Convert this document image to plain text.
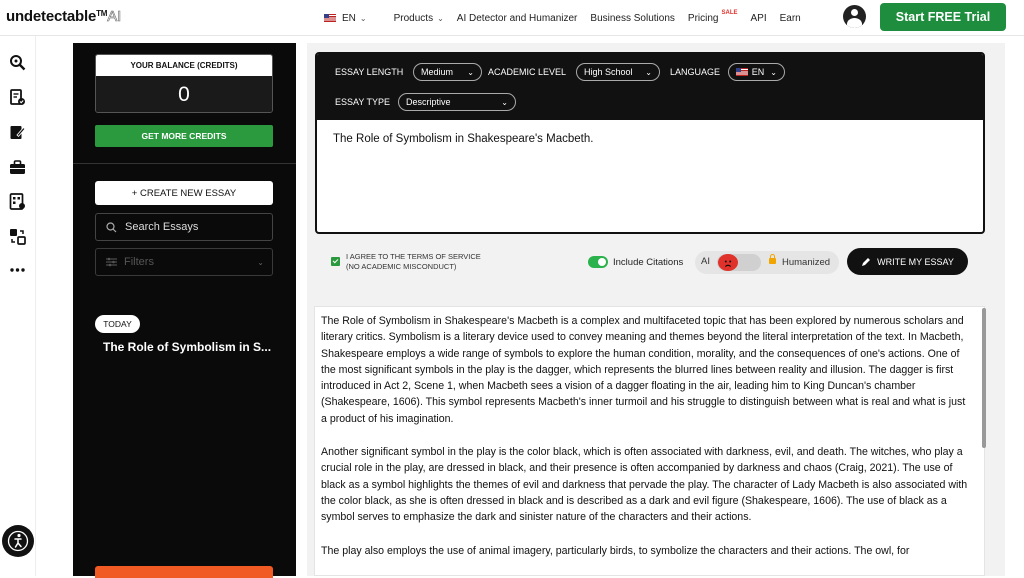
undetectable™AI	EN ⌄	Products ⌄ AI Detector and Humanizer Business Solutions Pricing SALE API Earn	Start FREE Trial
YOUR BALANCE (CREDITS)
0
GET MORE CREDITS
+ CREATE NEW ESSAY
Search Essays
Filters	⌄
TODAY
The Role of Symbolism in S...
ESSAY LENGTH Medium	⌄ ACADEMIC LEVEL High School	⌄ LANGUAGE	EN ⌄
ESSAY TYPE Descriptive	⌄
The Role of Symbolism in Shakespeare's Macbeth.
I AGREE TO THE TERMS OF SERVICE
(NO ACADEMIC MISCONDUCT)	Include Citations AI	Humanized	WRITE MY ESSAY

The Role of Symbolism in Shakespeare's Macbeth is a complex and multifaceted topic that has been explored by numerous scholars and literary critics. Symbolism is a literary device used to convey meaning and themes beyond the literal interpretation of the text. In Macbeth, Shakespeare employs a wide range of symbols to explore the human condition, morality, and the consequences of one's actions. One of the most significant symbols in the play is the dagger, which represents the blurred lines between reality and illusion. The dagger is first introduced in Act 2, Scene 1, when Macbeth sees a vision of a dagger floating in the air, leading him to King Duncan's chamber (Shakespeare, 1606). This symbol represents Macbeth's inner turmoil and his struggle to distinguish between what is real and what is just a product of his imagination.

Another significant symbol in the play is the color black, which is often associated with darkness, evil, and death. The witches, who play a crucial role in the play, are dressed in black, and their presence is often accompanied by darkness and chaos (Craig, 2021). The use of black as a symbol highlights the themes of evil and darkness that pervade the play. The character of Lady Macbeth is also associated with the color black, as she is often dressed in black and is described as a dark and evil figure (Shakespeare, 1606). The use of black as a symbol serves to emphasize the dark and sinister nature of the characters and their actions.

The play also employs the use of animal imagery, particularly birds, to symbolize the characters and their actions. The owl, for
